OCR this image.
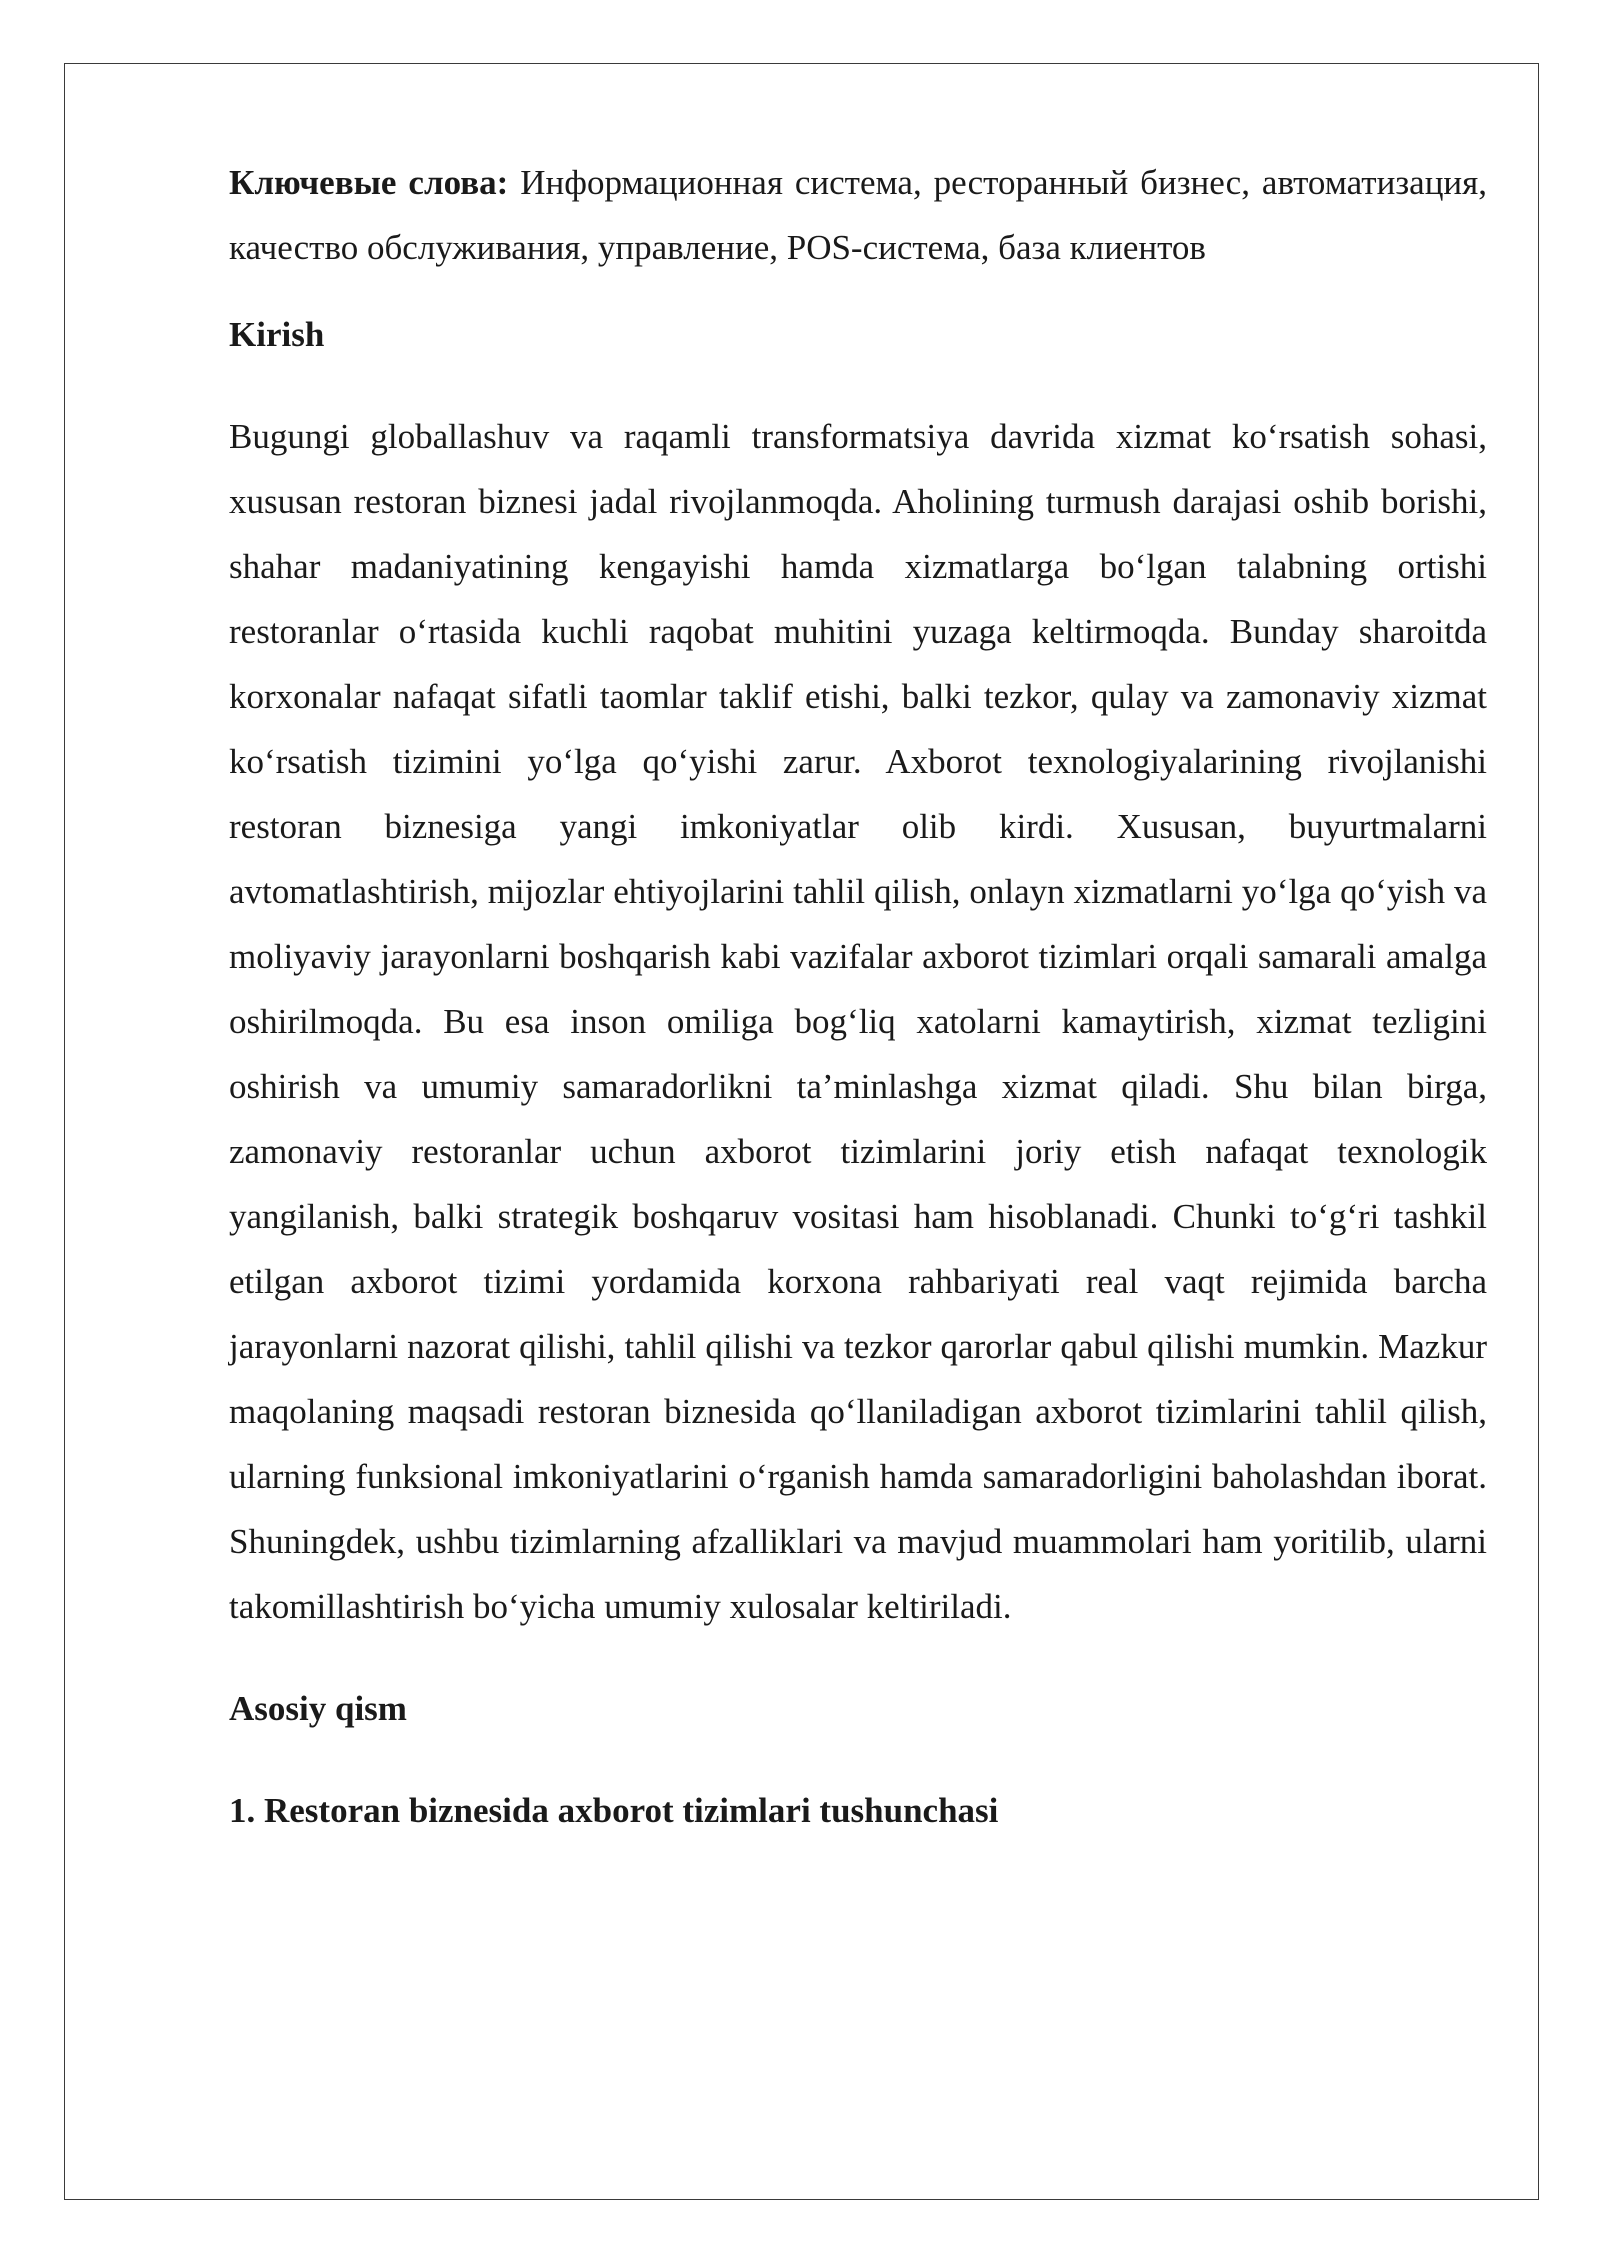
Ключевые слова: Информационная система, ресторанный бизнес, автоматизация, качество обслуживания, управление, POS-система, база клиентов

Kirish

Bugungi globallashuv va raqamli transformatsiya davrida xizmat koʻrsatish sohasi, xususan restoran biznesi jadal rivojlanmoqda. Aholining turmush darajasi oshib borishi, shahar madaniyatining kengayishi hamda xizmatlarga boʻlgan talabning ortishi restoranlar oʻrtasida kuchli raqobat muhitini yuzaga keltirmoqda. Bunday sharoitda korxonalar nafaqat sifatli taomlar taklif etishi, balki tezkor, qulay va zamonaviy xizmat koʻrsatish tizimini yoʻlga qoʻyishi zarur. Axborot texnologiyalarining rivojlanishi restoran biznesiga yangi imkoniyatlar olib kirdi. Xususan, buyurtmalarni avtomatlashtirish, mijozlar ehtiyojlarini tahlil qilish, onlayn xizmatlarni yoʻlga qoʻyish va moliyaviy jarayonlarni boshqarish kabi vazifalar axborot tizimlari orqali samarali amalga oshirilmoqda. Bu esa inson omiliga bogʻliq xatolarni kamaytirish, xizmat tezligini oshirish va umumiy samaradorlikni ta’minlashga xizmat qiladi. Shu bilan birga, zamonaviy restoranlar uchun axborot tizimlarini joriy etish nafaqat texnologik yangilanish, balki strategik boshqaruv vositasi ham hisoblanadi. Chunki toʻgʻri tashkil etilgan axborot tizimi yordamida korxona rahbariyati real vaqt rejimida barcha jarayonlarni nazorat qilishi, tahlil qilishi va tezkor qarorlar qabul qilishi mumkin. Mazkur maqolaning maqsadi restoran biznesida qoʻllaniladigan axborot tizimlarini tahlil qilish, ularning funksional imkoniyatlarini oʻrganish hamda samaradorligini baholashdan iborat. Shuningdek, ushbu tizimlarning afzalliklari va mavjud muammolari ham yoritilib, ularni takomillashtirish boʻyicha umumiy xulosalar keltiriladi.

Asosiy qism
1. Restoran biznesida axborot tizimlari tushunchasi
